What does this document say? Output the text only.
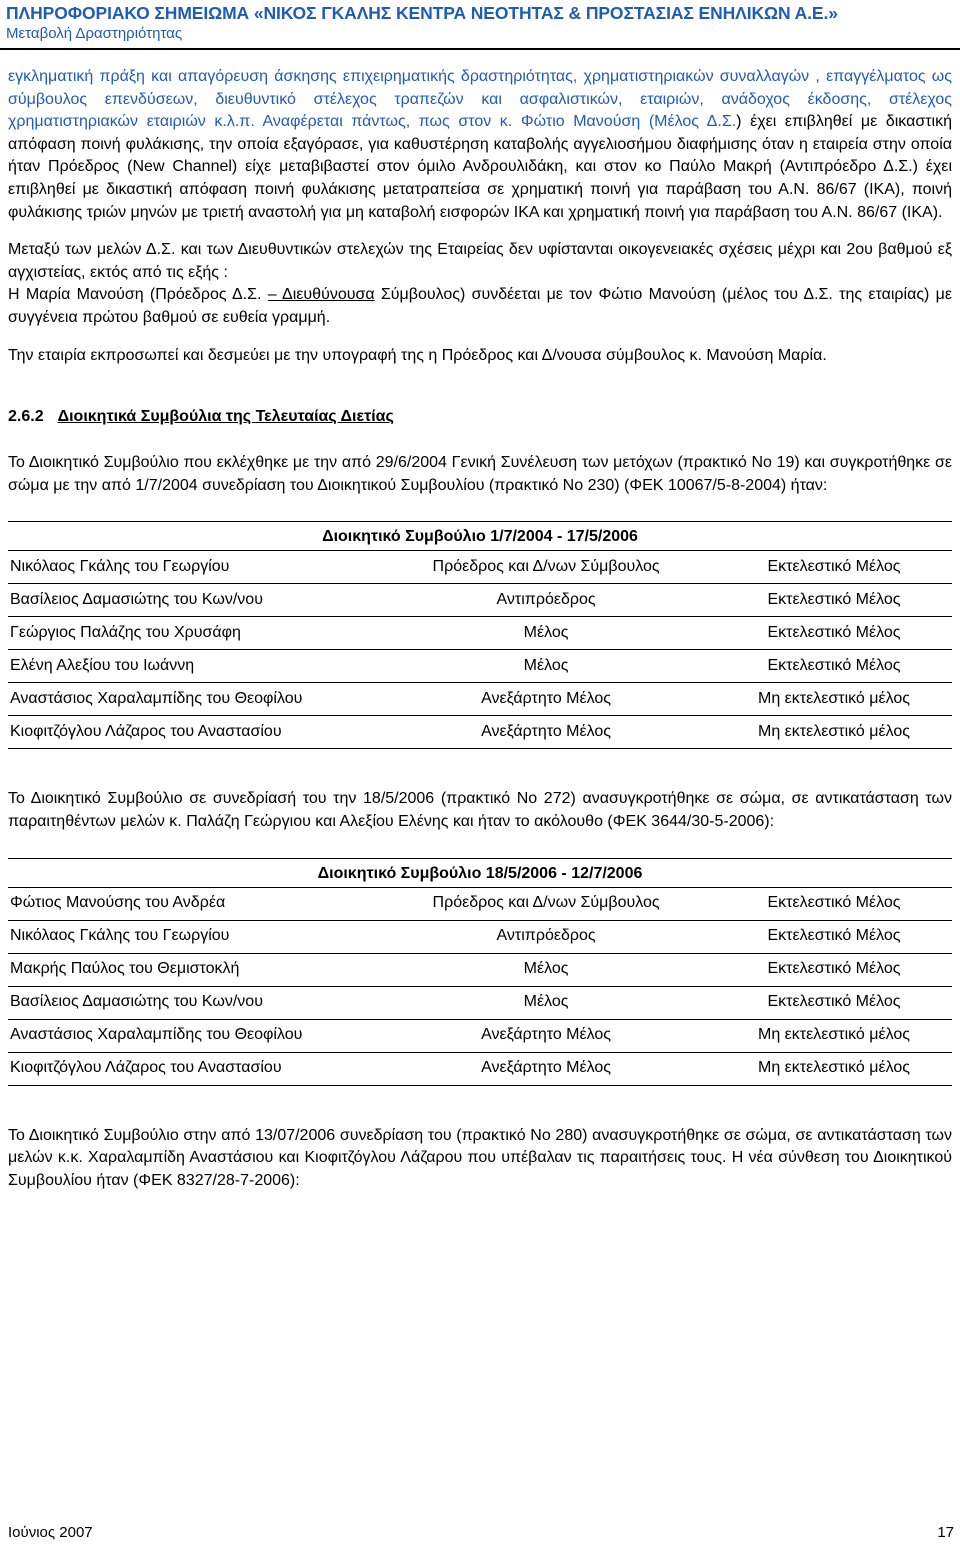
ΠΛΗΡΟΦΟΡΙΑΚΟ ΣΗΜΕΙΩΜΑ «ΝΙΚΟΣ ΓΚΑΛΗΣ ΚΕΝΤΡΑ ΝΕΟΤΗΤΑΣ & ΠΡΟΣΤΑΣΙΑΣ ΕΝΗΛΙΚΩΝ Α.Ε.»
Μεταβολή Δραστηριότητας

εγκληματική πράξη και απαγόρευση άσκησης επιχειρηματικής δραστηριότητας, χρηματιστηριακών συναλλαγών , επαγγέλματος ως σύμβουλος επενδύσεων, διευθυντικό στέλεχος τραπεζών και ασφαλιστικών, εταιριών, ανάδοχος έκδοσης, στέλεχος χρηματιστηριακών εταιριών κ.λ.π. Αναφέρεται πάντως, πως στον κ. Φώτιο Μανούση (Μέλος Δ.Σ.) έχει επιβληθεί με δικαστική απόφαση ποινή φυλάκισης, την οποία εξαγόρασε, για καθυστέρηση καταβολής αγγελιοσήμου διαφήμισης όταν η εταιρεία στην οποία ήταν Πρόεδρος (New Channel) είχε μεταβιβαστεί στον όμιλο Ανδρουλιδάκη, και στον κο Παύλο Μακρή (Αντιπρόεδρο Δ.Σ.) έχει επιβληθεί με δικαστική απόφαση ποινή φυλάκισης μετατραπείσα σε χρηματική ποινή για παράβαση του Α.Ν. 86/67 (ΙΚΑ), ποινή φυλάκισης τριών μηνών με τριετή αναστολή για μη καταβολή εισφορών ΙΚΑ και χρηματική ποινή για παράβαση του Α.Ν. 86/67 (ΙΚΑ).

Μεταξύ των μελών Δ.Σ. και των Διευθυντικών στελεχών της Εταιρείας δεν υφίστανται οικογενειακές σχέσεις μέχρι και 2ου βαθμού εξ αγχιστείας, εκτός από τις εξής :
Η Μαρία Μανούση (Πρόεδρος Δ.Σ. – Διευθύνουσα Σύμβουλος) συνδέεται με τον Φώτιο Μανούση (μέλος του Δ.Σ. της εταιρίας) με συγγένεια πρώτου βαθμού σε ευθεία γραμμή.

Την εταιρία εκπροσωπεί και δεσμεύει με την υπογραφή της η Πρόεδρος και Δ/νουσα σύμβουλος κ. Μανούση Μαρία.

2.6.2 Διοικητικά Συμβούλια της Τελευταίας Διετίας

Το Διοικητικό Συμβούλιο που εκλέχθηκε με την από 29/6/2004 Γενική Συνέλευση των μετόχων (πρακτικό Νο 19) και συγκροτήθηκε σε σώμα με την από 1/7/2004 συνεδρίαση του Διοικητικού Συμβουλίου (πρακτικό Νο 230) (ΦΕΚ 10067/5-8-2004) ήταν:

Διοικητικό Συμβούλιο 1/7/2004 - 17/5/2006
Νικόλαος Γκάλης του Γεωργίου	Πρόεδρος και Δ/νων Σύμβουλος	Εκτελεστικό Μέλος
Βασίλειος Δαμασιώτης του Κων/νου	Αντιπρόεδρος	Εκτελεστικό Μέλος
Γεώργιος Παλάζης του Χρυσάφη	Μέλος	Εκτελεστικό Μέλος
Ελένη Αλεξίου του Ιωάννη	Μέλος	Εκτελεστικό Μέλος
Αναστάσιος Χαραλαμπίδης του Θεοφίλου	Ανεξάρτητο Μέλος	Μη εκτελεστικό μέλος
Κιοφιτζόγλου Λάζαρος του Αναστασίου	Ανεξάρτητο Μέλος	Μη εκτελεστικό μέλος

Το Διοικητικό Συμβούλιο σε συνεδρίασή του την 18/5/2006 (πρακτικό Νο 272) ανασυγκροτήθηκε σε σώμα, σε αντικατάσταση των παραιτηθέντων μελών κ. Παλάζη Γεώργιου και Αλεξίου Ελένης και ήταν το ακόλουθο (ΦΕΚ 3644/30-5-2006):

Διοικητικό Συμβούλιο 18/5/2006 - 12/7/2006
Φώτιος Μανούσης του Ανδρέα	Πρόεδρος και Δ/νων Σύμβουλος	Εκτελεστικό Μέλος
Νικόλαος Γκάλης του Γεωργίου	Αντιπρόεδρος	Εκτελεστικό Μέλος
Μακρής Παύλος του Θεμιστοκλή	Μέλος	Εκτελεστικό Μέλος
Βασίλειος Δαμασιώτης του Κων/νου	Μέλος	Εκτελεστικό Μέλος
Αναστάσιος Χαραλαμπίδης του Θεοφίλου	Ανεξάρτητο Μέλος	Μη εκτελεστικό μέλος
Κιοφιτζόγλου Λάζαρος του Αναστασίου	Ανεξάρτητο Μέλος	Μη εκτελεστικό μέλος

Το Διοικητικό Συμβούλιο στην από 13/07/2006 συνεδρίαση του (πρακτικό Νο 280) ανασυγκροτήθηκε σε σώμα, σε αντικατάσταση των μελών κ.κ. Χαραλαμπίδη Αναστάσιου και Κιοφιτζόγλου Λάζαρου που υπέβαλαν τις παραιτήσεις τους. Η νέα σύνθεση του Διοικητικού Συμβουλίου ήταν (ΦΕΚ 8327/28-7-2006):

Ιούνιος 2007	17
